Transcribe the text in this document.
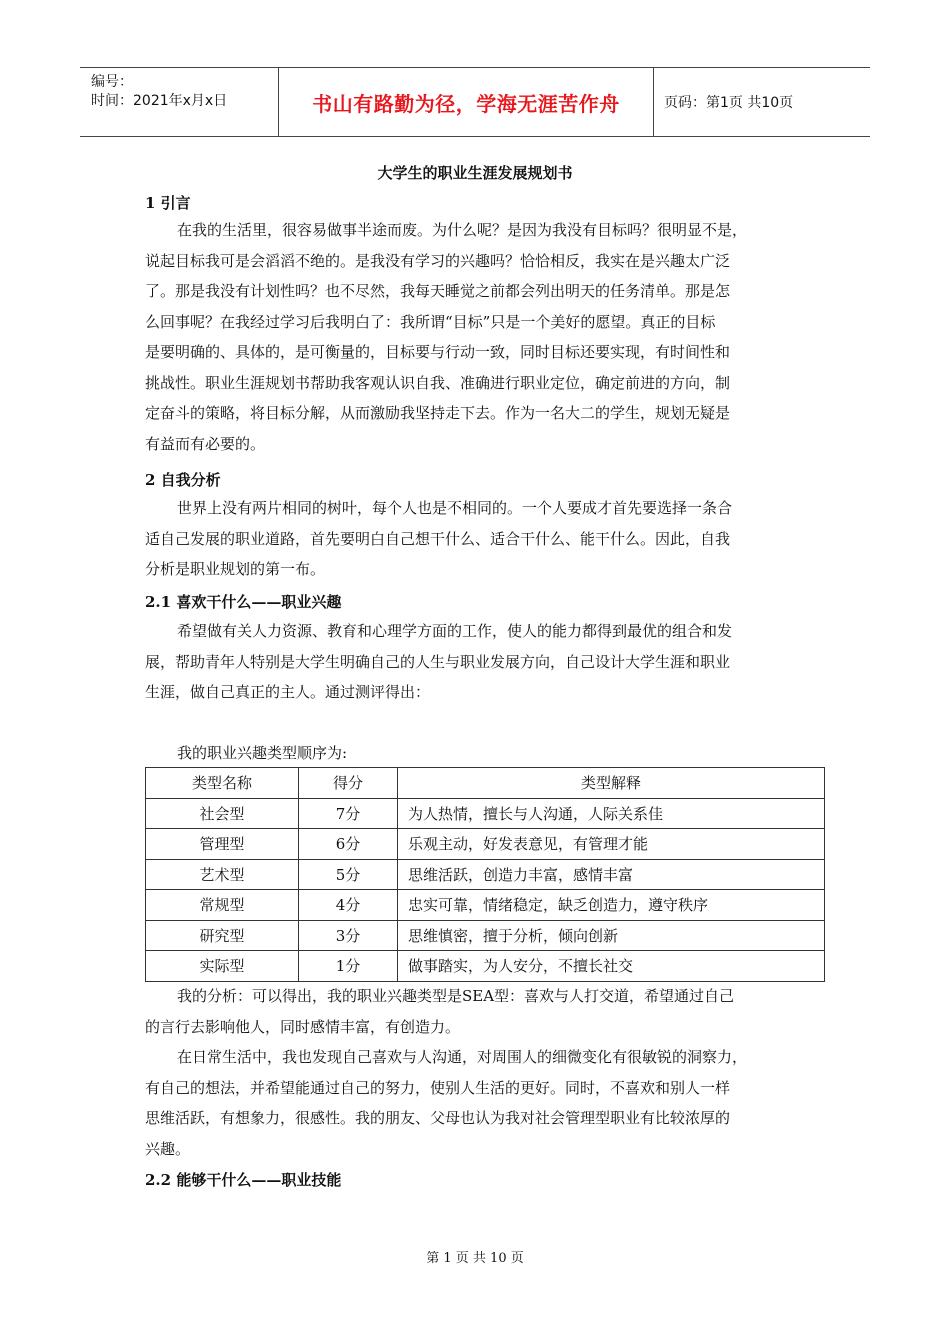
编号：
时间：2021年x月x日	书山有路勤为径，学海无涯苦作舟	页码：第1页 共10页
大学生的职业生涯发展规划书
1 引言
在我的生活里，很容易做事半途而废。为什么呢？是因为我没有目标吗？很明显不是，
说起目标我可是会滔滔不绝的。是我没有学习的兴趣吗？恰恰相反，我实在是兴趣太广泛
了。那是我没有计划性吗？也不尽然，我每天睡觉之前都会列出明天的任务清单。那是怎
么回事呢？在我经过学习后我明白了：我所谓“目标”只是一个美好的愿望。真正的目标
是要明确的、具体的，是可衡量的，目标要与行动一致，同时目标还要实现，有时间性和
挑战性。职业生涯规划书帮助我客观认识自我、准确进行职业定位，确定前进的方向，制
定奋斗的策略，将目标分解，从而激励我坚持走下去。作为一名大二的学生，规划无疑是
有益而有必要的。
2 自我分析
世界上没有两片相同的树叶，每个人也是不相同的。一个人要成才首先要选择一条合
适自己发展的职业道路，首先要明白自己想干什么、适合干什么、能干什么。因此，自我
分析是职业规划的第一布。
2.1 喜欢干什么——职业兴趣
希望做有关人力资源、教育和心理学方面的工作，使人的能力都得到最优的组合和发
展，帮助青年人特别是大学生明确自己的人生与职业发展方向，自己设计大学生涯和职业
生涯，做自己真正的主人。通过测评得出：
我的职业兴趣类型顺序为:
类型名称	得分	类型解释
社会型	7分	为人热情，擅长与人沟通，人际关系佳
管理型	6分	乐观主动，好发表意见，有管理才能
艺术型	5分	思维活跃，创造力丰富，感情丰富
常规型	4分	忠实可靠，情绪稳定，缺乏创造力，遵守秩序
研究型	3分	思维慎密，擅于分析，倾向创新
实际型	1分	做事踏实，为人安分，不擅长社交
我的分析：可以得出，我的职业兴趣类型是SEA型：喜欢与人打交道，希望通过自己
的言行去影响他人，同时感情丰富，有创造力。
在日常生活中，我也发现自己喜欢与人沟通，对周围人的细微变化有很敏锐的洞察力，
有自己的想法，并希望能通过自己的努力，使别人生活的更好。同时，不喜欢和别人一样
思维活跃，有想象力，很感性。我的朋友、父母也认为我对社会管理型职业有比较浓厚的
兴趣。
2.2 能够干什么——职业技能
第 1 页 共 10 页
